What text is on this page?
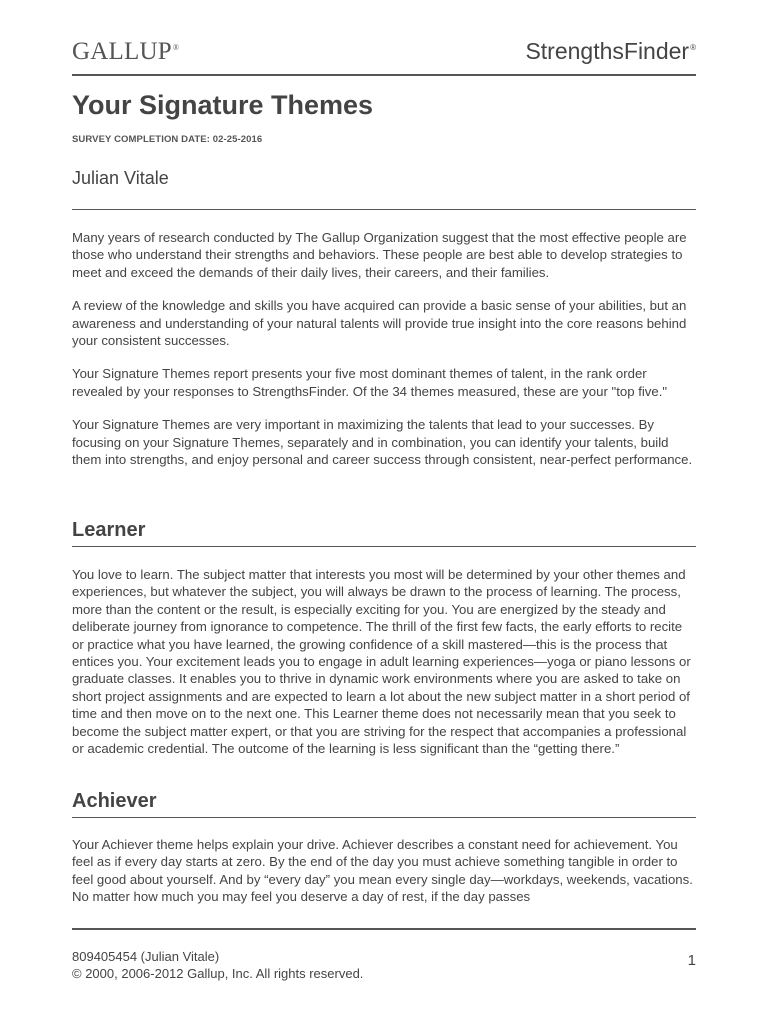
GALLUP®	StrengthsFinder®
Your Signature Themes
SURVEY COMPLETION DATE: 02-25-2016
Julian Vitale

Many years of research conducted by The Gallup Organization suggest that the most effective people are those who understand their strengths and behaviors. These people are best able to develop strategies to meet and exceed the demands of their daily lives, their careers, and their families.

A review of the knowledge and skills you have acquired can provide a basic sense of your abilities, but an awareness and understanding of your natural talents will provide true insight into the core reasons behind your consistent successes.

Your Signature Themes report presents your five most dominant themes of talent, in the rank order revealed by your responses to StrengthsFinder. Of the 34 themes measured, these are your "top five."

Your Signature Themes are very important in maximizing the talents that lead to your successes. By focusing on your Signature Themes, separately and in combination, you can identify your talents, build them into strengths, and enjoy personal and career success through consistent, near-perfect performance.

Learner

You love to learn. The subject matter that interests you most will be determined by your other themes and experiences, but whatever the subject, you will always be drawn to the process of learning. The process, more than the content or the result, is especially exciting for you. You are energized by the steady and deliberate journey from ignorance to competence. The thrill of the first few facts, the early efforts to recite or practice what you have learned, the growing confidence of a skill mastered—this is the process that entices you. Your excitement leads you to engage in adult learning experiences—yoga or piano lessons or graduate classes. It enables you to thrive in dynamic work environments where you are asked to take on short project assignments and are expected to learn a lot about the new subject matter in a short period of time and then move on to the next one. This Learner theme does not necessarily mean that you seek to become the subject matter expert, or that you are striving for the respect that accompanies a professional or academic credential. The outcome of the learning is less significant than the “getting there.”

Achiever

Your Achiever theme helps explain your drive. Achiever describes a constant need for achievement. You feel as if every day starts at zero. By the end of the day you must achieve something tangible in order to feel good about yourself. And by “every day” you mean every single day—workdays, weekends, vacations. No matter how much you may feel you deserve a day of rest, if the day passes

809405454 (Julian Vitale)
© 2000, 2006-2012 Gallup, Inc. All rights reserved.
1
